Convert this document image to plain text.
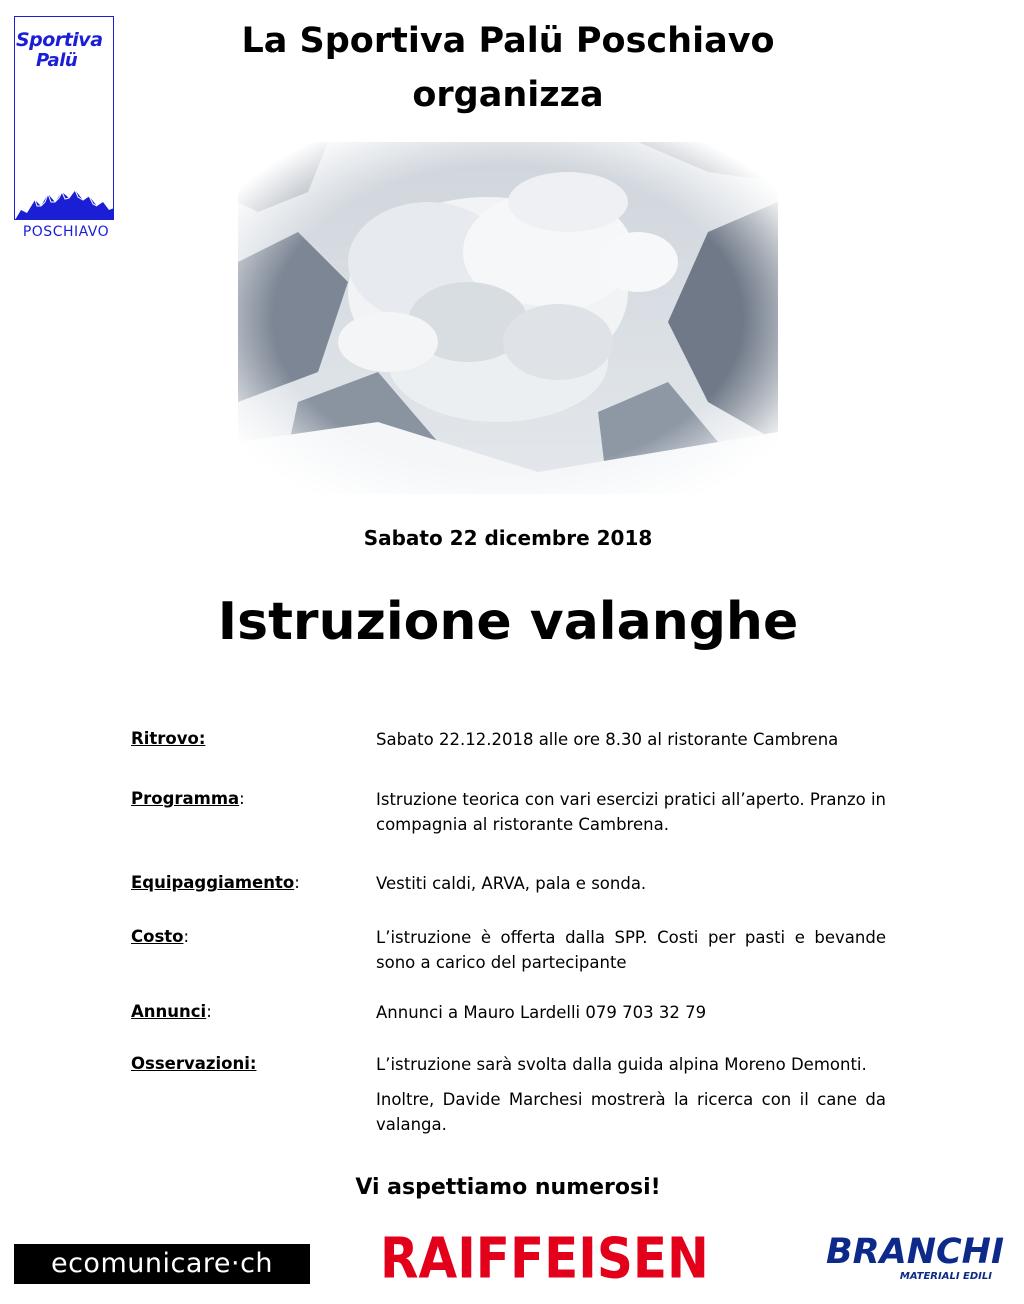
Sportiva
Palü
POSCHIAVO
La Sportiva Palü Poschiavo
organizza
Sabato 22 dicembre 2018
Istruzione valanghe
Ritrovo:	Sabato 22.12.2018 alle ore 8.30 al ristorante Cambrena
Programma:	Istruzione teorica con vari esercizi pratici all’aperto. Pranzo in compagnia al ristorante Cambrena.
Equipaggiamento:	Vestiti caldi, ARVA, pala e sonda.
Costo:	L’istruzione è offerta dalla SPP. Costi per pasti e bevande sono a carico del partecipante
Annunci:	Annunci a Mauro Lardelli 079 703 32 79
Osservazioni:	L’istruzione sarà svolta dalla guida alpina Moreno Demonti.
Inoltre, Davide Marchesi mostrerà la ricerca con il cane da valanga.
Vi aspettiamo numerosi!
ecomunicare·ch	RAIFFEISEN	BRANCHI
MATERIALI EDILI
